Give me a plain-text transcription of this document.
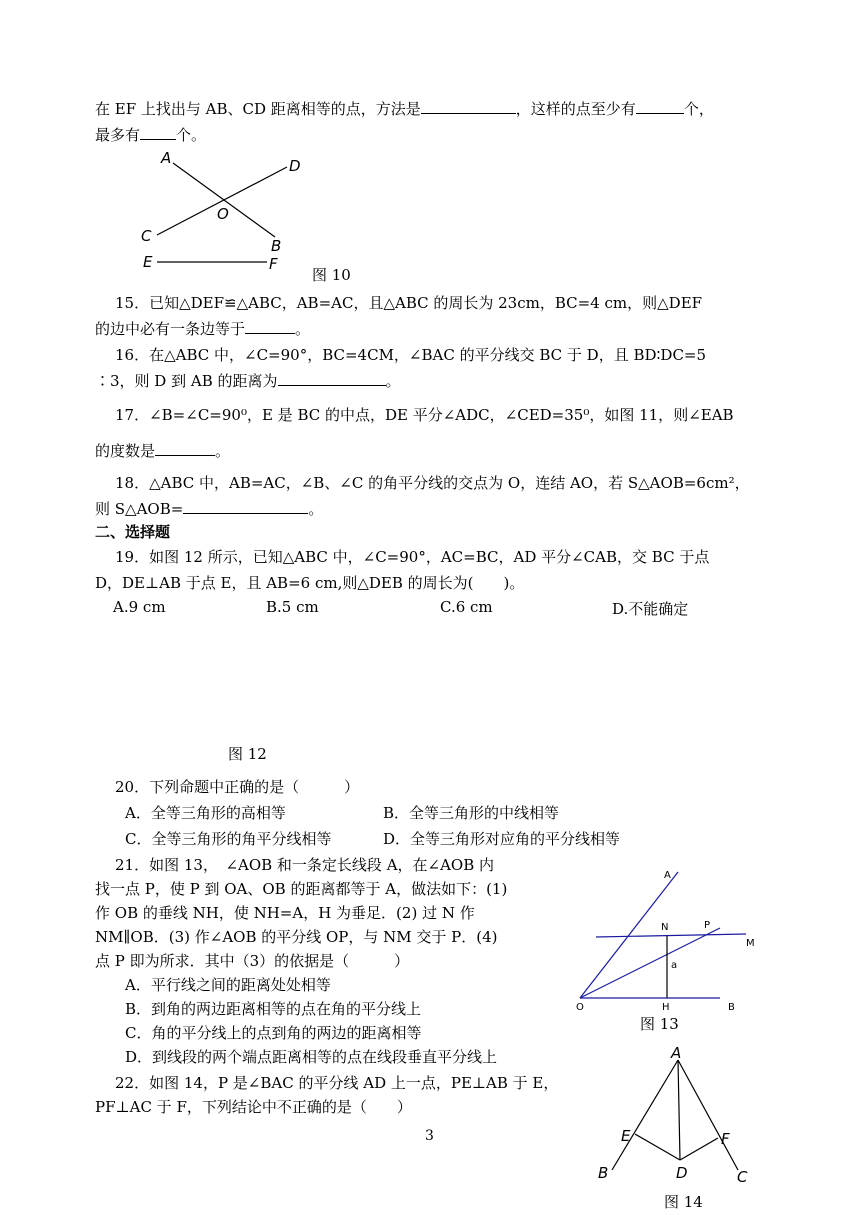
在 EF 上找出与 AB、CD 距离相等的点，方法是	，这样的点至少有	个，
最多有 个。
A	D
O
C
B
E	F
图 10
15．已知△DEF≌△ABC，AB=AC，且△ABC 的周长为 23cm，BC=4 cm，则△DEF
的边中必有一条边等于	。
16．在△ABC 中，∠C=90°，BC=4CM，∠BAC 的平分线交 BC 于 D，且 BD∶DC=5
∶3，则 D 到 AB 的距离为	。
17．∠B=∠C=90⁰，E 是 BC 的中点，DE 平分∠ADC，∠CED=35⁰，如图 11，则∠EAB
的度数是	。
18．△ABC 中，AB=AC，∠B、∠C 的角平分线的交点为 O，连结 AO，若 S△AOB=6cm²，
则 S△AOB=	。
二、选择题
19．如图 12 所示，已知△ABC 中，∠C=90°，AC=BC，AD 平分∠CAB，交 BC 于点
D，DE⊥AB 于点 E，且 AB=6 cm,则△DEB 的周长为(　　)。
A.9 cm	B.5 cm	C.6 cm	D.不能确定
图 12
20．下列命题中正确的是（　　　）
A．全等三角形的高相等	B．全等三角形的中线相等
C．全等三角形的角平分线相等	D．全等三角形对应角的平分线相等
21．如图 13，　∠AOB 和一条定长线段 A，在∠AOB 内
找一点 P，使 P 到 OA、OB 的距离都等于 A，做法如下：(1)
作 OB 的垂线 NH，使 NH=A，H 为垂足．(2) 过 N 作
NM∥OB．(3) 作∠AOB 的平分线 OP，与 NM 交于 P．(4)
点 P 即为所求．其中（3）的依据是（　　　）
A．平行线之间的距离处处相等
B．到角的两边距离相等的点在角的平分线上
C．角的平分线上的点到角的两边的距离相等
D．到线段的两个端点距离相等的点在线段垂直平分线上
A
N	P
M
a
O	H	B
图 13
22．如图 14，P 是∠BAC 的平分线 AD 上一点，PE⊥AB 于 E，
PF⊥AC 于 F，下列结论中不正确的是（　　）
A
E	F
B	D	C
图 14
3
